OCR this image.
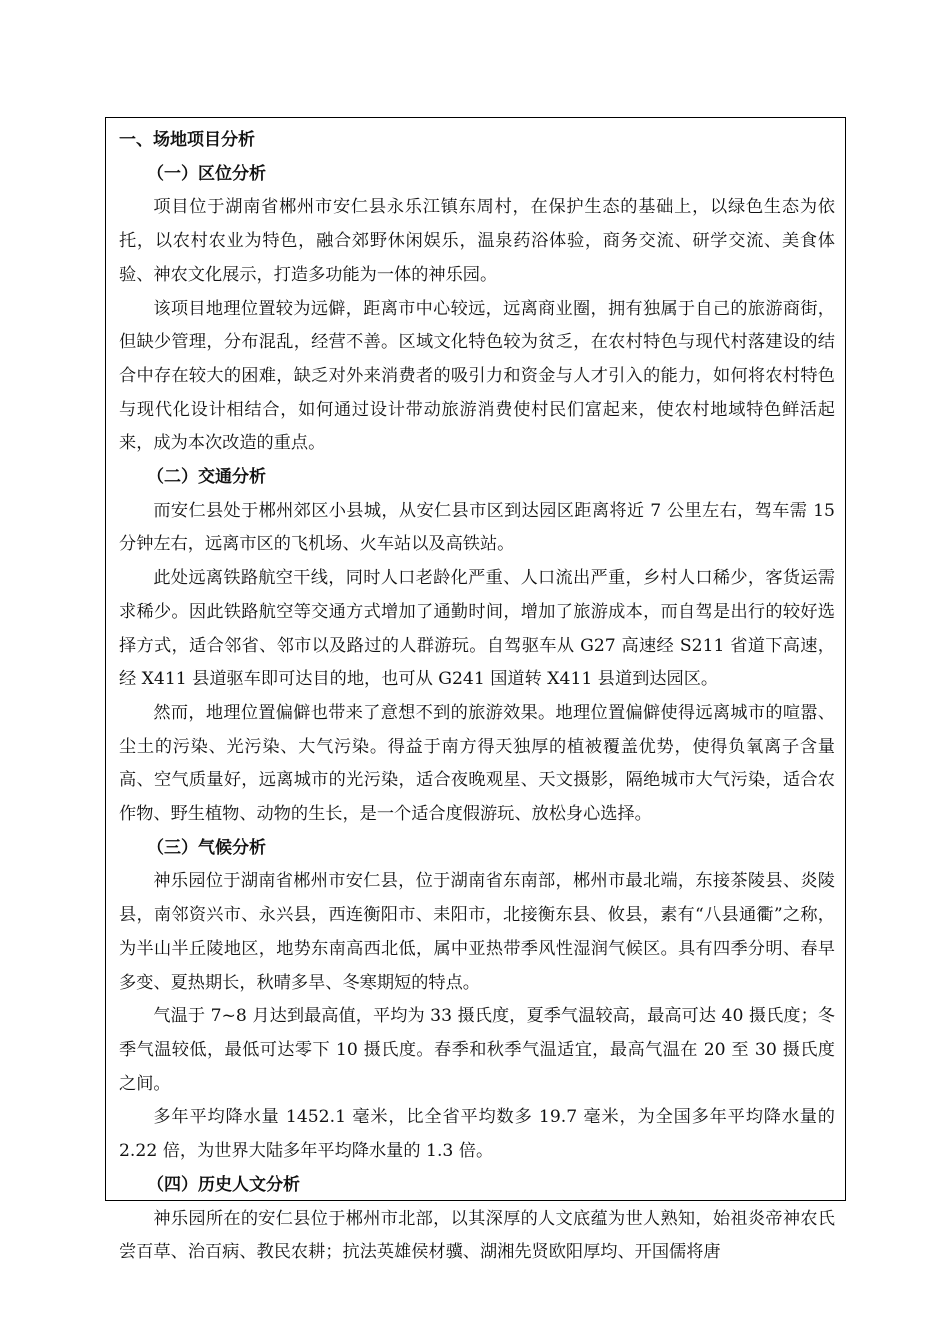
一、场地项目分析
（一）区位分析

项目位于湖南省郴州市安仁县永乐江镇东周村，在保护生态的基础上，以绿色生态为依托，以农村农业为特色，融合郊野休闲娱乐，温泉药浴体验，商务交流、研学交流、美食体验、神农文化展示，打造多功能为一体的神乐园。

该项目地理位置较为远僻，距离市中心较远，远离商业圈，拥有独属于自己的旅游商街，但缺少管理，分布混乱，经营不善。区域文化特色较为贫乏，在农村特色与现代村落建设的结合中存在较大的困难，缺乏对外来消费者的吸引力和资金与人才引入的能力，如何将农村特色与现代化设计相结合，如何通过设计带动旅游消费使村民们富起来，使农村地域特色鲜活起来，成为本次改造的重点。

（二）交通分析

而安仁县处于郴州郊区小县城，从安仁县市区到达园区距离将近 7 公里左右，驾车需 15 分钟左右，远离市区的飞机场、火车站以及高铁站。

此处远离铁路航空干线，同时人口老龄化严重、人口流出严重，乡村人口稀少，客货运需求稀少。因此铁路航空等交通方式增加了通勤时间，增加了旅游成本，而自驾是出行的较好选择方式，适合邻省、邻市以及路过的人群游玩。自驾驱车从 G27 高速经 S211 省道下高速，经 X411 县道驱车即可达目的地，也可从 G241 国道转 X411 县道到达园区。

然而，地理位置偏僻也带来了意想不到的旅游效果。地理位置偏僻使得远离城市的喧嚣、尘土的污染、光污染、大气污染。得益于南方得天独厚的植被覆盖优势，使得负氧离子含量高、空气质量好，远离城市的光污染，适合夜晚观星、天文摄影，隔绝城市大气污染，适合农作物、野生植物、动物的生长，是一个适合度假游玩、放松身心选择。

（三）气候分析

神乐园位于湖南省郴州市安仁县，位于湖南省东南部，郴州市最北端，东接茶陵县、炎陵县，南邻资兴市、永兴县，西连衡阳市、耒阳市，北接衡东县、攸县，素有“八县通衢”之称，为半山半丘陵地区，地势东南高西北低，属中亚热带季风性湿润气候区。具有四季分明、春早多变、夏热期长，秋晴多旱、冬寒期短的特点。

气温于 7~8 月达到最高值，平均为 33 摄氏度，夏季气温较高，最高可达 40 摄氏度；冬季气温较低，最低可达零下 10 摄氏度。春季和秋季气温适宜，最高气温在 20 至 30 摄氏度之间。

多年平均降水量 1452.1 毫米，比全省平均数多 19.7 毫米，为全国多年平均降水量的 2.22 倍，为世界大陆多年平均降水量的 1.3 倍。

（四）历史人文分析

神乐园所在的安仁县位于郴州市北部，以其深厚的人文底蕴为世人熟知，始祖炎帝神农氏尝百草、治百病、教民农耕；抗法英雄侯材骥、湖湘先贤欧阳厚均、开国儒将唐
